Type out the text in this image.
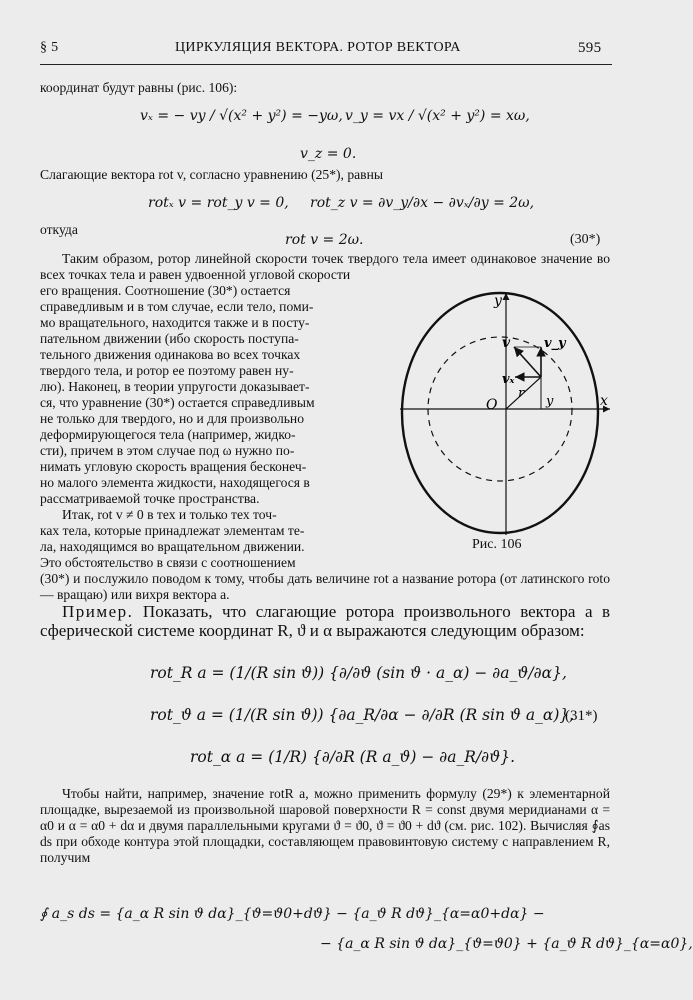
§ 5	ЦИРКУЛЯЦИЯ ВЕКТОРА. РОТОР ВЕКТОРА	595
координат будут равны (рис. 106):
vₓ = − vy / √(x² + y²) = −yω, v_y = vx / √(x² + y²) = xω,
v_z = 0.
Слагающие вектора rot v, согласно уравнению (25*), равны
rotₓ v = rot_y v = 0, rot_z v = ∂v_y/∂x − ∂vₓ/∂y = 2ω,
откуда
rot v = 2ω.	(30*)
Таким образом, ротор линейной скорости точек твердого тела имеет одинаковое значение во всех точках тела и равен удвоенной угловой скорости
его вращения. Соотношение (30*) остается
справедливым и в том случае, если тело, поми-
мо вращательного, находится также и в посту-
пательном движении (ибо скорость поступа-
тельного движения одинакова во всех точках
твердого тела, и ротор ее поэтому равен ну-
лю). Наконец, в теории упругости доказывает-
ся, что уравнение (30*) остается справедливым
не только для твердого, но и для произвольно
деформирующегося тела (например, жидко-
сти), причем в этом случае под ω нужно по-
нимать угловую скорость вращения бесконеч-
но малого элемента жидкости, находящегося в
рассматриваемой точке пространства.
Итак, rot v ≠ 0 в тех и только тех точ-
ках тела, которые принадлежат элементам те-
ла, находящимся во вращательном движении.
Это обстоятельство в связи с соотношением
(30*) и послужило поводом к тому, чтобы дать величине rot a название ротора (от латинского roto — вращаю) или вихря вектора a.
y
x
O
r
y
v
vₓ
v_y
Рис. 106
Пример. Показать, что слагающие ротора произвольного вектора a в сферической системе координат R, ϑ и α выражаются следующим образом:
rot_R a = (1/(R sin ϑ)) {∂/∂ϑ (sin ϑ · a_α) − ∂a_ϑ/∂α},
rot_ϑ a = (1/(R sin ϑ)) {∂a_R/∂α − ∂/∂R (R sin ϑ a_α)},
(31*)
rot_α a = (1/R) {∂/∂R (R a_ϑ) − ∂a_R/∂ϑ}.
Чтобы найти, например, значение rotR a, можно применить формулу (29*) к элементарной площадке, вырезаемой из произвольной шаровой поверхности R = const двумя меридианами α = α0 и α = α0 + dα и двумя параллельными кругами ϑ = ϑ0, ϑ = ϑ0 + dϑ (см. рис. 102). Вычисляя ∮as ds при обходе контура этой площадки, составляющем правовинтовую систему с направлением R, получим
∮ a_s ds = {a_α R sin ϑ dα}_{ϑ=ϑ0+dϑ} − {a_ϑ R dϑ}_{α=α0+dα} −
− {a_α R sin ϑ dα}_{ϑ=ϑ0} + {a_ϑ R dϑ}_{α=α0},
